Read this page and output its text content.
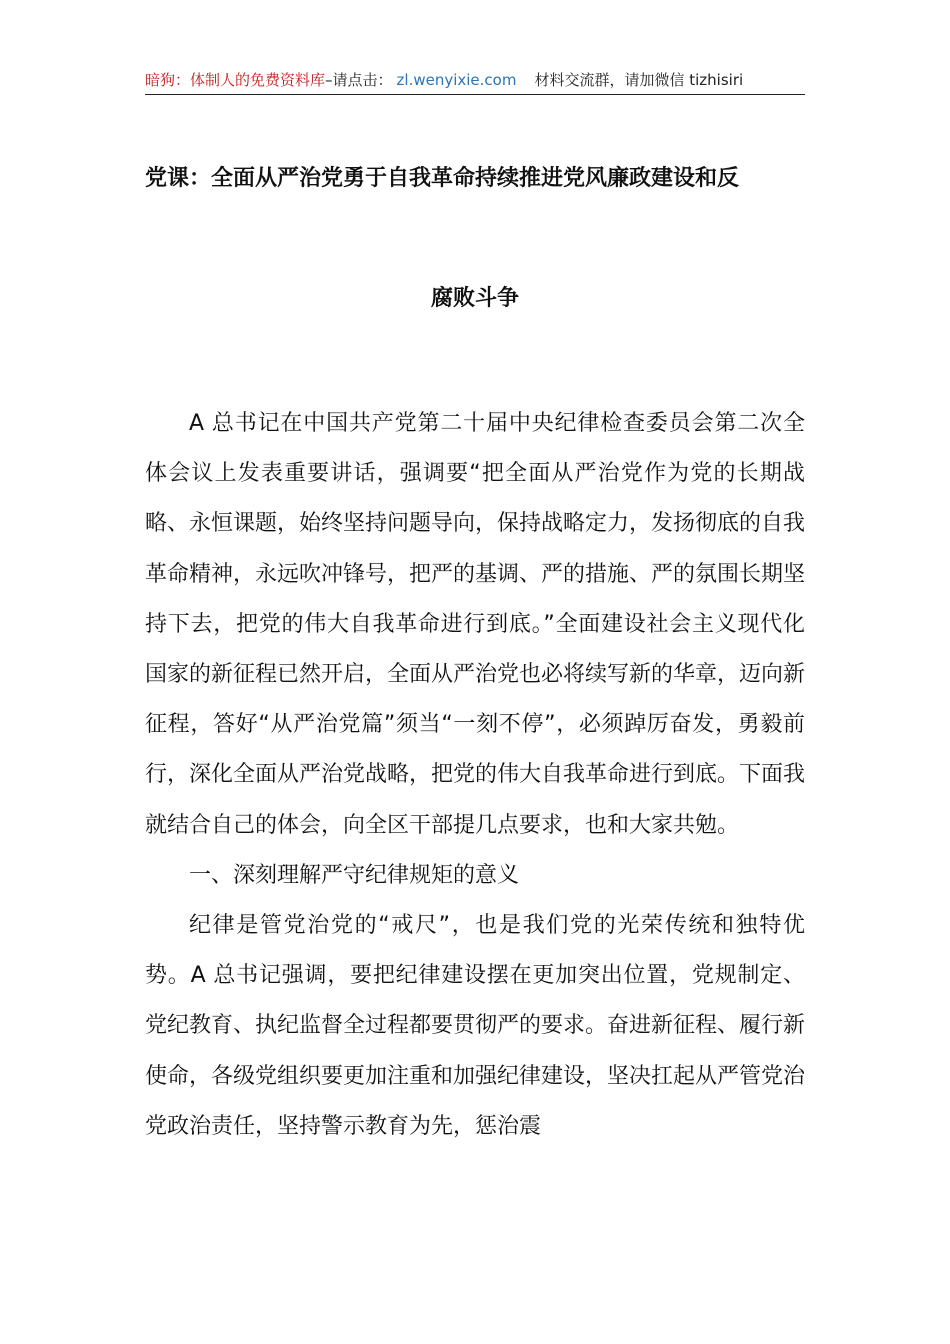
暗狗：体制人的免费资料库–请点击： zl.wenyixie.com 材料交流群，请加微信 tizhisiri
党课：全面从严治党勇于自我革命持续推进党风廉政建设和反
腐败斗争

A 总书记在中国共产党第二十届中央纪律检查委员会第二次全体会议上发表重要讲话，强调要“把全面从严治党作为党的长期战略、永恒课题，始终坚持问题导向，保持战略定力，发扬彻底的自我革命精神，永远吹冲锋号，把严的基调、严的措施、严的氛围长期坚持下去，把党的伟大自我革命进行到底。”全面建设社会主义现代化国家的新征程已然开启，全面从严治党也必将续写新的华章，迈向新征程，答好“从严治党篇”须当“一刻不停”，必须踔厉奋发，勇毅前行，深化全面从严治党战略，把党的伟大自我革命进行到底。下面我就结合自己的体会，向全区干部提几点要求，也和大家共勉。

一、深刻理解严守纪律规矩的意义

纪律是管党治党的“戒尺”，也是我们党的光荣传统和独特优势。A 总书记强调，要把纪律建设摆在更加突出位置，党规制定、党纪教育、执纪监督全过程都要贯彻严的要求。奋进新征程、履行新使命，各级党组织要更加注重和加强纪律建设，坚决扛起从严管党治党政治责任，坚持警示教育为先，惩治震
